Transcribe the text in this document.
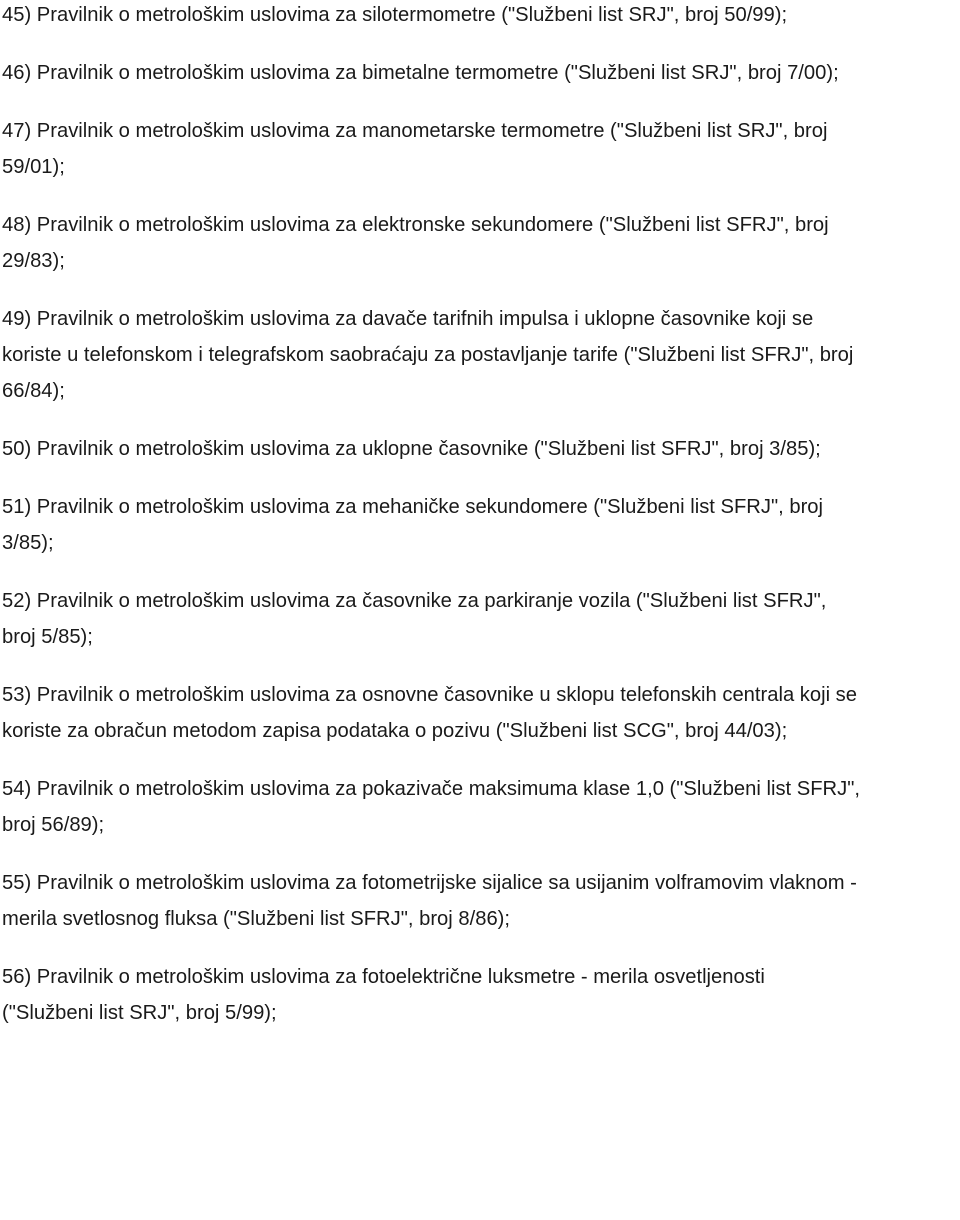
45) Pravilnik o metrološkim uslovima za silotermometre ("Službeni list SRJ", broj 50/99);

46) Pravilnik o metrološkim uslovima za bimetalne termometre ("Službeni list SRJ", broj 7/00);

47) Pravilnik o metrološkim uslovima za manometarske termometre ("Službeni list SRJ", broj
59/01);

48) Pravilnik o metrološkim uslovima za elektronske sekundomere ("Službeni list SFRJ", broj
29/83);

49) Pravilnik o metrološkim uslovima za davače tarifnih impulsa i uklopne časovnike koji se
koriste u telefonskom i telegrafskom saobraćaju za postavljanje tarife ("Službeni list SFRJ", broj
66/84);

50) Pravilnik o metrološkim uslovima za uklopne časovnike ("Službeni list SFRJ", broj 3/85);

51) Pravilnik o metrološkim uslovima za mehaničke sekundomere ("Službeni list SFRJ", broj
3/85);

52) Pravilnik o metrološkim uslovima za časovnike za parkiranje vozila ("Službeni list SFRJ",
broj 5/85);

53) Pravilnik o metrološkim uslovima za osnovne časovnike u sklopu telefonskih centrala koji se
koriste za obračun metodom zapisa podataka o pozivu ("Službeni list SCG", broj 44/03);

54) Pravilnik o metrološkim uslovima za pokazivače maksimuma klase 1,0 ("Službeni list SFRJ",
broj 56/89);

55) Pravilnik o metrološkim uslovima za fotometrijske sijalice sa usijanim volframovim vlaknom -
merila svetlosnog fluksa ("Službeni list SFRJ", broj 8/86);

56) Pravilnik o metrološkim uslovima za fotoelektrične luksmetre - merila osvetljenosti
("Službeni list SRJ", broj 5/99);
